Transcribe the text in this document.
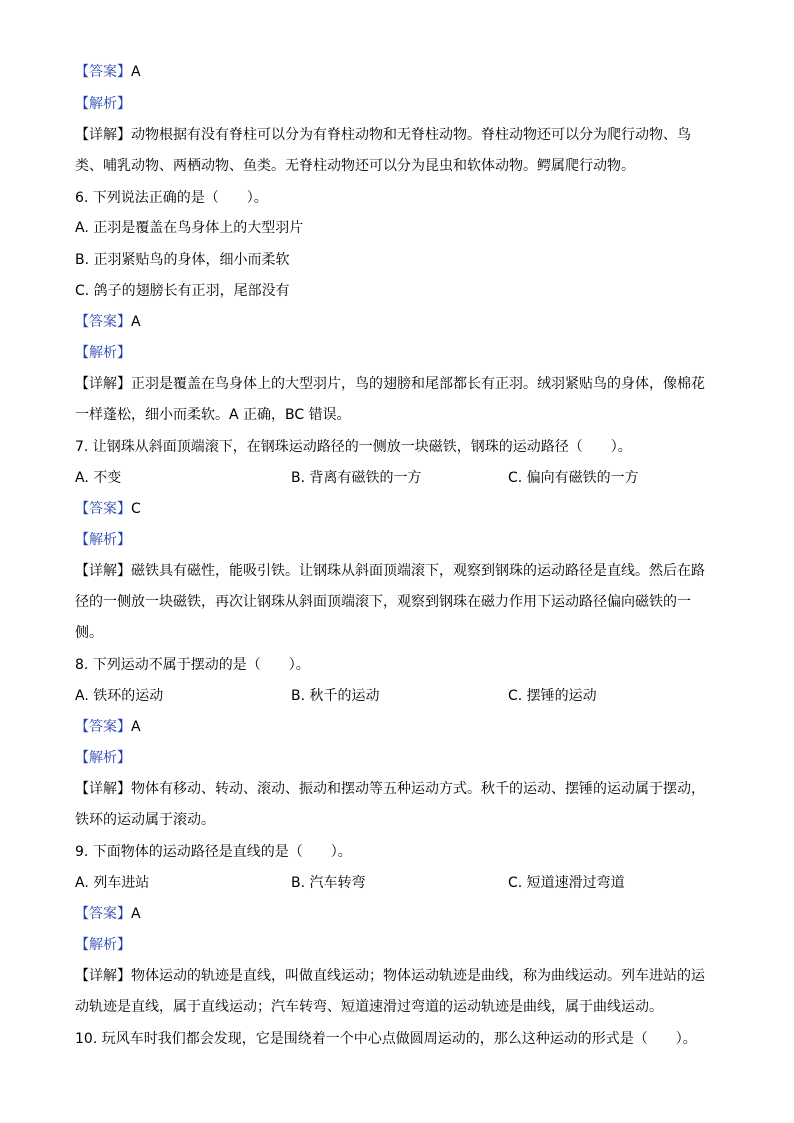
【答案】A
【解析】
【详解】动物根据有没有脊柱可以分为有脊柱动物和无脊柱动物。脊柱动物还可以分为爬行动物、鸟类、哺乳动物、两栖动物、鱼类。无脊柱动物还可以分为昆虫和软体动物。鳄属爬行动物。
6. 下列说法正确的是（　　）。
A. 正羽是覆盖在鸟身体上的大型羽片
B. 正羽紧贴鸟的身体，细小而柔软
C. 鸽子的翅膀长有正羽，尾部没有
【答案】A
【解析】
【详解】正羽是覆盖在鸟身体上的大型羽片，鸟的翅膀和尾部都长有正羽。绒羽紧贴鸟的身体，像棉花一样蓬松，细小而柔软。A 正确，BC 错误。
7. 让钢珠从斜面顶端滚下，在钢珠运动路径的一侧放一块磁铁，钢珠的运动路径（　　）。
A. 不变	B. 背离有磁铁的一方	C. 偏向有磁铁的一方
【答案】C
【解析】
【详解】磁铁具有磁性，能吸引铁。让钢珠从斜面顶端滚下，观察到钢珠的运动路径是直线。然后在路径的一侧放一块磁铁，再次让钢珠从斜面顶端滚下，观察到钢珠在磁力作用下运动路径偏向磁铁的一侧。
8. 下列运动不属于摆动的是（　　）。
A. 铁环的运动	B. 秋千的运动	C. 摆锤的运动
【答案】A
【解析】
【详解】物体有移动、转动、滚动、振动和摆动等五种运动方式。秋千的运动、摆锤的运动属于摆动，铁环的运动属于滚动。
9. 下面物体的运动路径是直线的是（　　）。
A. 列车进站	B. 汽车转弯	C. 短道速滑过弯道
【答案】A
【解析】
【详解】物体运动的轨迹是直线，叫做直线运动；物体运动轨迹是曲线，称为曲线运动。列车进站的运动轨迹是直线，属于直线运动；汽车转弯、短道速滑过弯道的运动轨迹是曲线，属于曲线运动。
10. 玩风车时我们都会发现，它是围绕着一个中心点做圆周运动的，那么这种运动的形式是（　　）。
